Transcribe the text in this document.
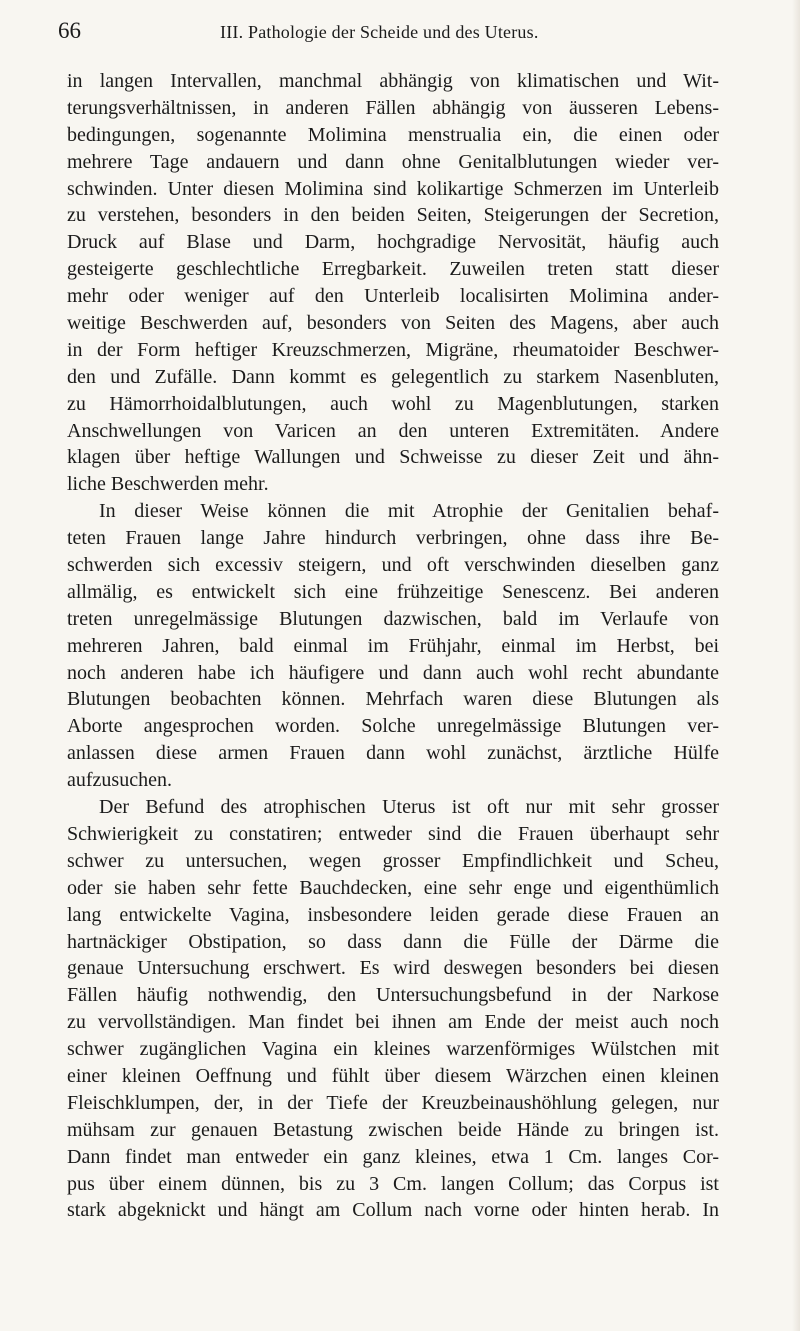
66	III. Pathologie der Scheide und des Uterus.
in langen Intervallen, manchmal abhängig von klimatischen und Wit-
terungsverhältnissen, in anderen Fällen abhängig von äusseren Lebens-
bedingungen, sogenannte Molimina menstrualia ein, die einen oder
mehrere Tage andauern und dann ohne Genitalblutungen wieder ver-
schwinden. Unter diesen Molimina sind kolikartige Schmerzen im Unterleib
zu verstehen, besonders in den beiden Seiten, Steigerungen der Secretion,
Druck auf Blase und Darm, hochgradige Nervosität, häufig auch
gesteigerte geschlechtliche Erregbarkeit. Zuweilen treten statt dieser
mehr oder weniger auf den Unterleib localisirten Molimina ander-
weitige Beschwerden auf, besonders von Seiten des Magens, aber auch
in der Form heftiger Kreuzschmerzen, Migräne, rheumatoider Beschwer-
den und Zufälle. Dann kommt es gelegentlich zu starkem Nasenbluten,
zu Hämorrhoidalblutungen, auch wohl zu Magenblutungen, starken
Anschwellungen von Varicen an den unteren Extremitäten. Andere
klagen über heftige Wallungen und Schweisse zu dieser Zeit und ähn-
liche Beschwerden mehr.
In dieser Weise können die mit Atrophie der Genitalien behaf-
teten Frauen lange Jahre hindurch verbringen, ohne dass ihre Be-
schwerden sich excessiv steigern, und oft verschwinden dieselben ganz
allmälig, es entwickelt sich eine frühzeitige Senescenz. Bei anderen
treten unregelmässige Blutungen dazwischen, bald im Verlaufe von
mehreren Jahren, bald einmal im Frühjahr, einmal im Herbst, bei
noch anderen habe ich häufigere und dann auch wohl recht abundante
Blutungen beobachten können. Mehrfach waren diese Blutungen als
Aborte angesprochen worden. Solche unregelmässige Blutungen ver-
anlassen diese armen Frauen dann wohl zunächst, ärztliche Hülfe
aufzusuchen.
Der Befund des atrophischen Uterus ist oft nur mit sehr grosser
Schwierigkeit zu constatiren; entweder sind die Frauen überhaupt sehr
schwer zu untersuchen, wegen grosser Empfindlichkeit und Scheu,
oder sie haben sehr fette Bauchdecken, eine sehr enge und eigenthümlich
lang entwickelte Vagina, insbesondere leiden gerade diese Frauen an
hartnäckiger Obstipation, so dass dann die Fülle der Därme die
genaue Untersuchung erschwert. Es wird deswegen besonders bei diesen
Fällen häufig nothwendig, den Untersuchungsbefund in der Narkose
zu vervollständigen. Man findet bei ihnen am Ende der meist auch noch
schwer zugänglichen Vagina ein kleines warzenförmiges Wülstchen mit
einer kleinen Oeffnung und fühlt über diesem Wärzchen einen kleinen
Fleischklumpen, der, in der Tiefe der Kreuzbeinaushöhlung gelegen, nur
mühsam zur genauen Betastung zwischen beide Hände zu bringen ist.
Dann findet man entweder ein ganz kleines, etwa 1 Cm. langes Cor-
pus über einem dünnen, bis zu 3 Cm. langen Collum; das Corpus ist
stark abgeknickt und hängt am Collum nach vorne oder hinten herab. In
